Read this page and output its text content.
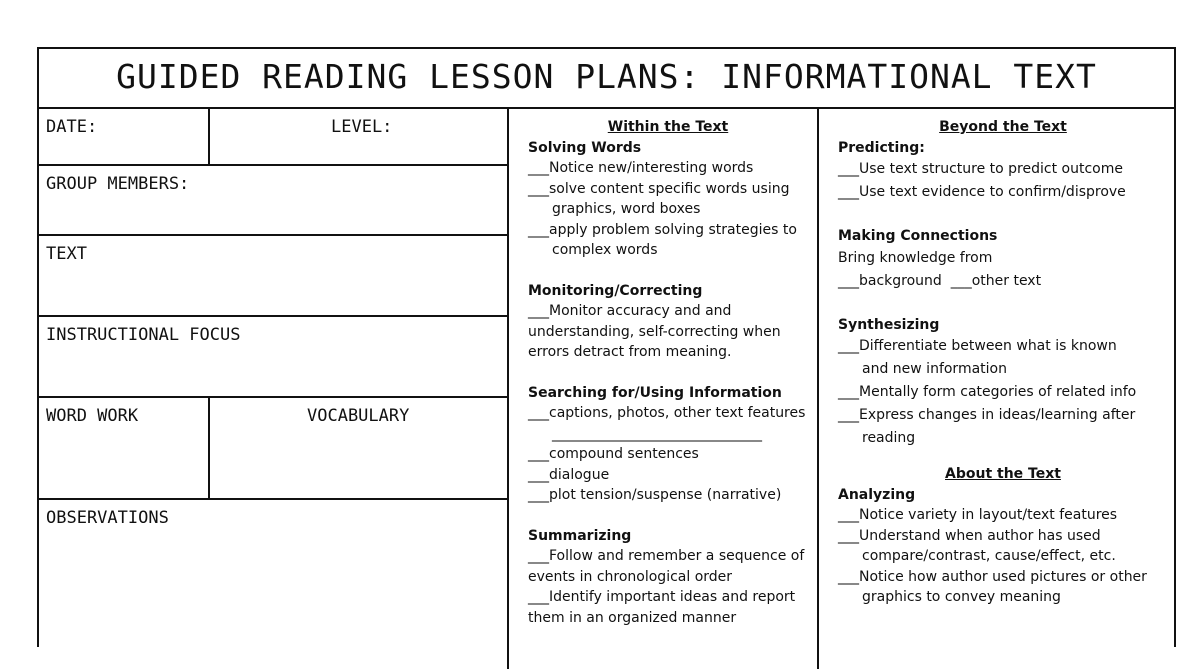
GUIDED READING LESSON PLANS: INFORMATIONAL TEXT
DATE:	LEVEL:
GROUP MEMBERS:
TEXT
INSTRUCTIONAL FOCUS
WORD WORK	VOCABULARY
OBSERVATIONS
Within the Text
Solving Words
___Notice new/interesting words
___solve content specific words using
graphics, word boxes
___apply problem solving strategies to
complex words
Monitoring/Correcting
___Monitor accuracy and and
understanding, self-correcting when
errors detract from meaning.
Searching for/Using Information
___captions, photos, other text features
______________________________
___compound sentences
___dialogue
___plot tension/suspense (narrative)
Summarizing
___Follow and remember a sequence of
events in chronological order
___Identify important ideas and report
them in an organized manner
Beyond the Text
Predicting:
___Use text structure to predict outcome
___Use text evidence to confirm/disprove
Making Connections
Bring knowledge from
___background  ___other text
Synthesizing
___Differentiate between what is known
and new information
___Mentally form categories of related info
___Express changes in ideas/learning after
reading
About the Text
Analyzing
___Notice variety in layout/text features
___Understand when author has used
compare/contrast, cause/effect, etc.
___Notice how author used pictures or other
graphics to convey meaning
